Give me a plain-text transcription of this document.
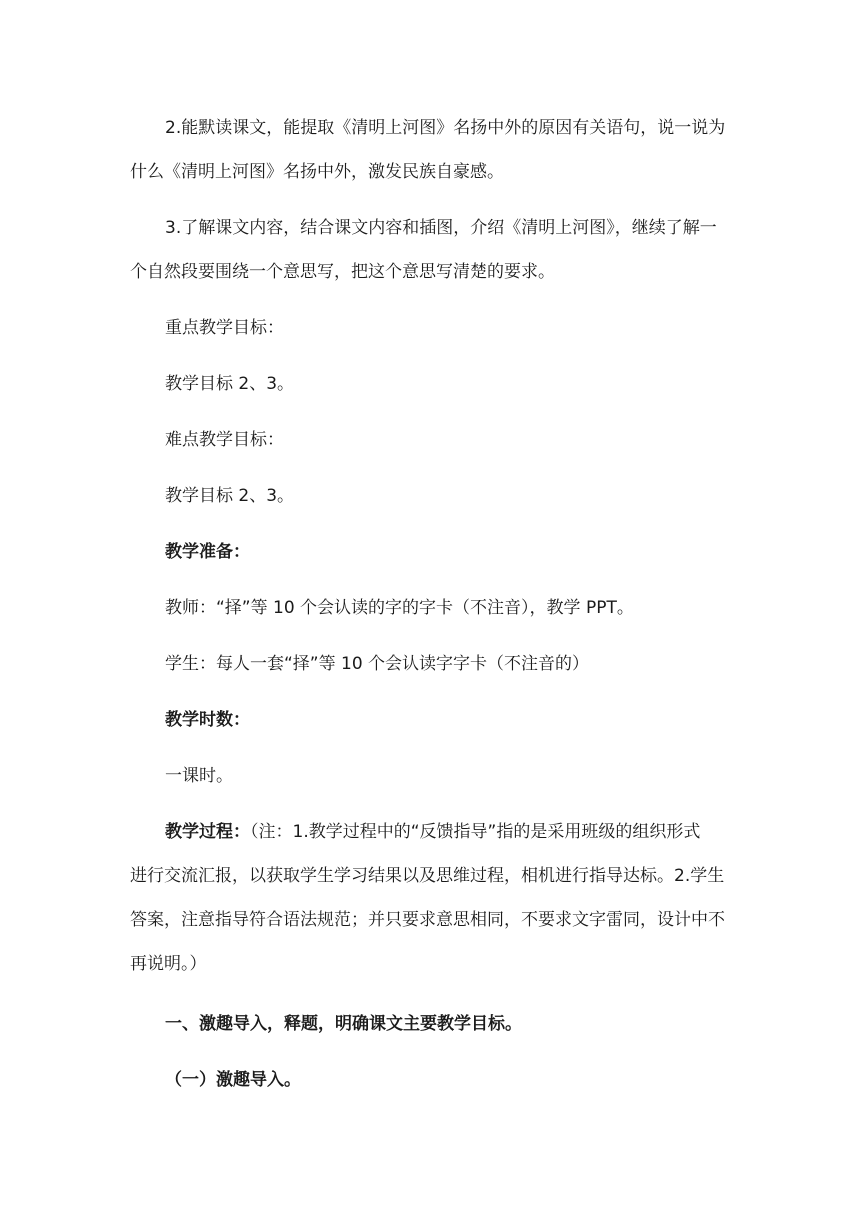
2.能默读课文，能提取《清明上河图》名扬中外的原因有关语句，说一说为
什么《清明上河图》名扬中外，激发民族自豪感。
3.了解课文内容，结合课文内容和插图，介绍《清明上河图》，继续了解一
个自然段要围绕一个意思写，把这个意思写清楚的要求。
重点教学目标：
教学目标 2、3。
难点教学目标：
教学目标 2、3。
教学准备：
教师：“择”等 10 个会认读的字的字卡（不注音），教学 PPT。
学生：每人一套“择”等 10 个会认读字字卡（不注音的）
教学时数：
一课时。
教学过程：（注：1.教学过程中的“反馈指导”指的是采用班级的组织形式
进行交流汇报，以获取学生学习结果以及思维过程，相机进行指导达标。2.学生
答案，注意指导符合语法规范；并只要求意思相同，不要求文字雷同，设计中不
再说明。）
一、激趣导入，释题，明确课文主要教学目标。
（一）激趣导入。
